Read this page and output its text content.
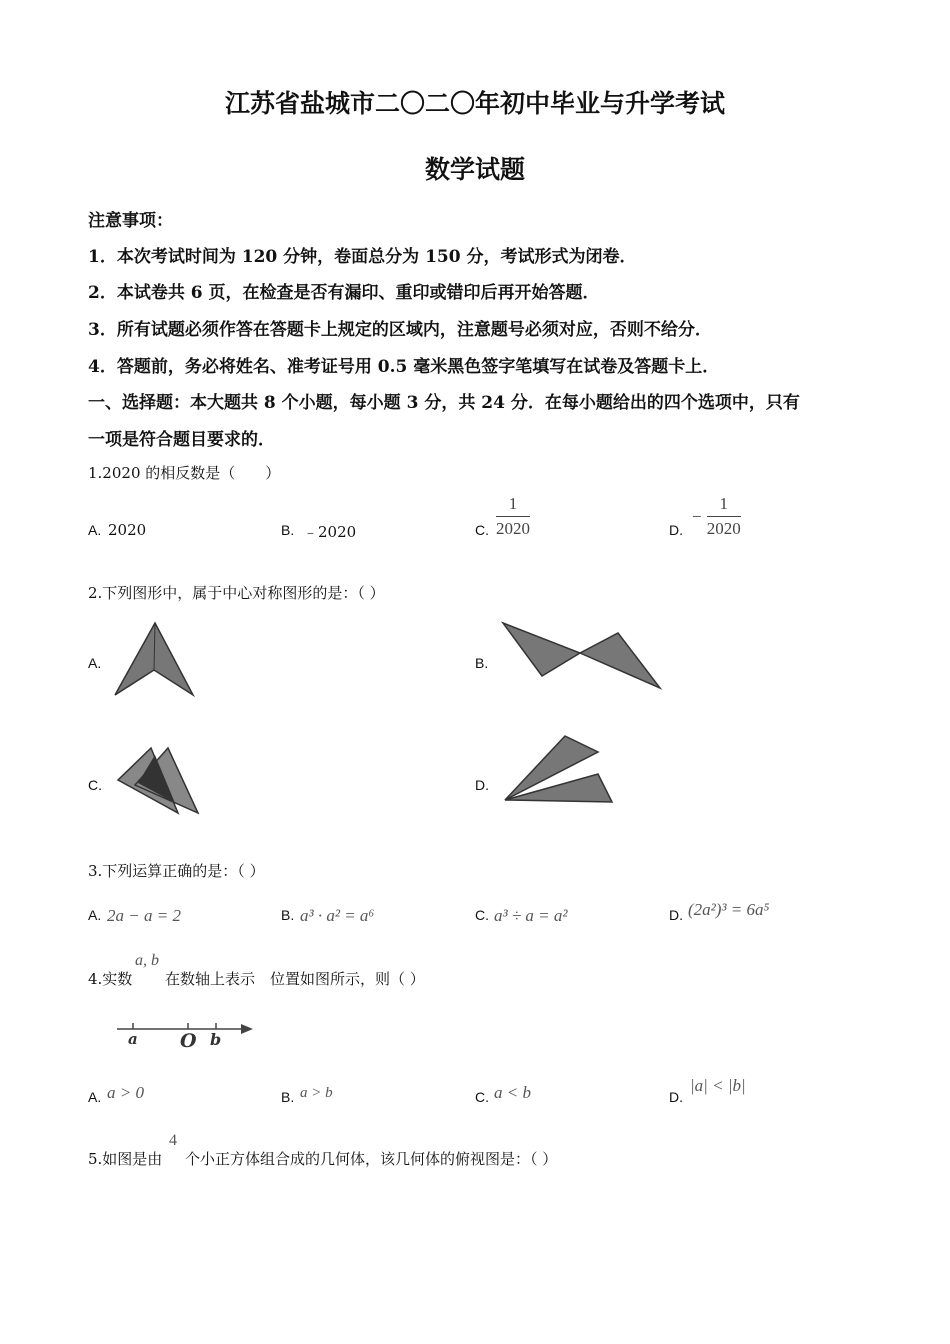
江苏省盐城市二〇二〇年初中毕业与升学考试
数学试题
注意事项：
1．本次考试时间为 120 分钟，卷面总分为 150 分，考试形式为闭卷．
2．本试卷共 6 页，在检查是否有漏印、重印或错印后再开始答题．
3．所有试题必须作答在答题卡上规定的区域内，注意题号必须对应，否则不给分．
4．答题前，务必将姓名、准考证号用 0.5 毫米黑色签字笔填写在试卷及答题卡上．
一、选择题：本大题共 8 个小题，每小题 3 分，共 24 分．在每小题给出的四个选项中，只有
一项是符合题目要求的．
1.2020 的相反数是（　　）
A. 2020	B. ﹣2020	C. $\frac{1}{2020}$	D.
− $\frac{1}{2020}$
2.下列图形中，属于中心对称图形的是：（ ）
A.	B.
C.	D.
3.下列运算正确的是：（ ）
A. 2a − a = 2	B. a³ · a² = a⁶	C. a³ ÷ a = a²	D. (2a²)³ = 6a⁵
4.实数
a, b
在数轴上表示　位置如图所示，则（ ）
a O b
A. a > 0	B. a > b	C. a < b	D.
|a| < |b|
5.如图是由
4
个小正方体组合成的几何体，该几何体的俯视图是：（ ）
